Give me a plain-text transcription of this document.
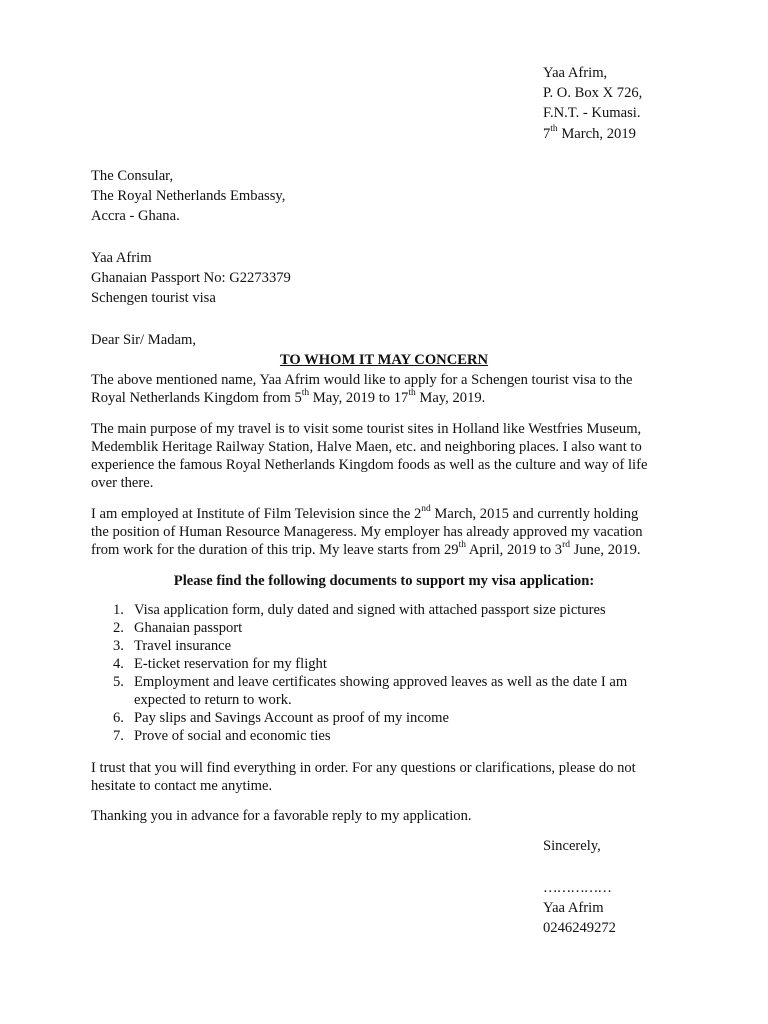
Yaa Afrim,
P. O. Box X 726,
F.N.T. - Kumasi.
7th March, 2019
The Consular,
The Royal Netherlands Embassy,
Accra - Ghana.
Yaa Afrim
Ghanaian Passport No: G2273379
Schengen tourist visa
Dear Sir/ Madam,
TO WHOM IT MAY CONCERN
The above mentioned name, Yaa Afrim would like to apply for a Schengen tourist visa to the
Royal Netherlands Kingdom from 5th May, 2019 to 17th May, 2019.
The main purpose of my travel is to visit some tourist sites in Holland like Westfries Museum,
Medemblik Heritage Railway Station, Halve Maen, etc. and neighboring places. I also want to
experience the famous Royal Netherlands Kingdom foods as well as the culture and way of life
over there.
I am employed at Institute of Film Television since the 2nd March, 2015 and currently holding
the position of Human Resource Manageress. My employer has already approved my vacation
from work for the duration of this trip. My leave starts from 29th April, 2019 to 3rd June, 2019.
Please find the following documents to support my visa application:
1. Visa application form, duly dated and signed with attached passport size pictures
2. Ghanaian passport
3. Travel insurance
4. E-ticket reservation for my flight
5. Employment and leave certificates showing approved leaves as well as the date I am
expected to return to work.
6. Pay slips and Savings Account as proof of my income
7. Prove of social and economic ties
I trust that you will find everything in order. For any questions or clarifications, please do not
hesitate to contact me anytime.
Thanking you in advance for a favorable reply to my application.
Sincerely,
……………
Yaa Afrim
0246249272
